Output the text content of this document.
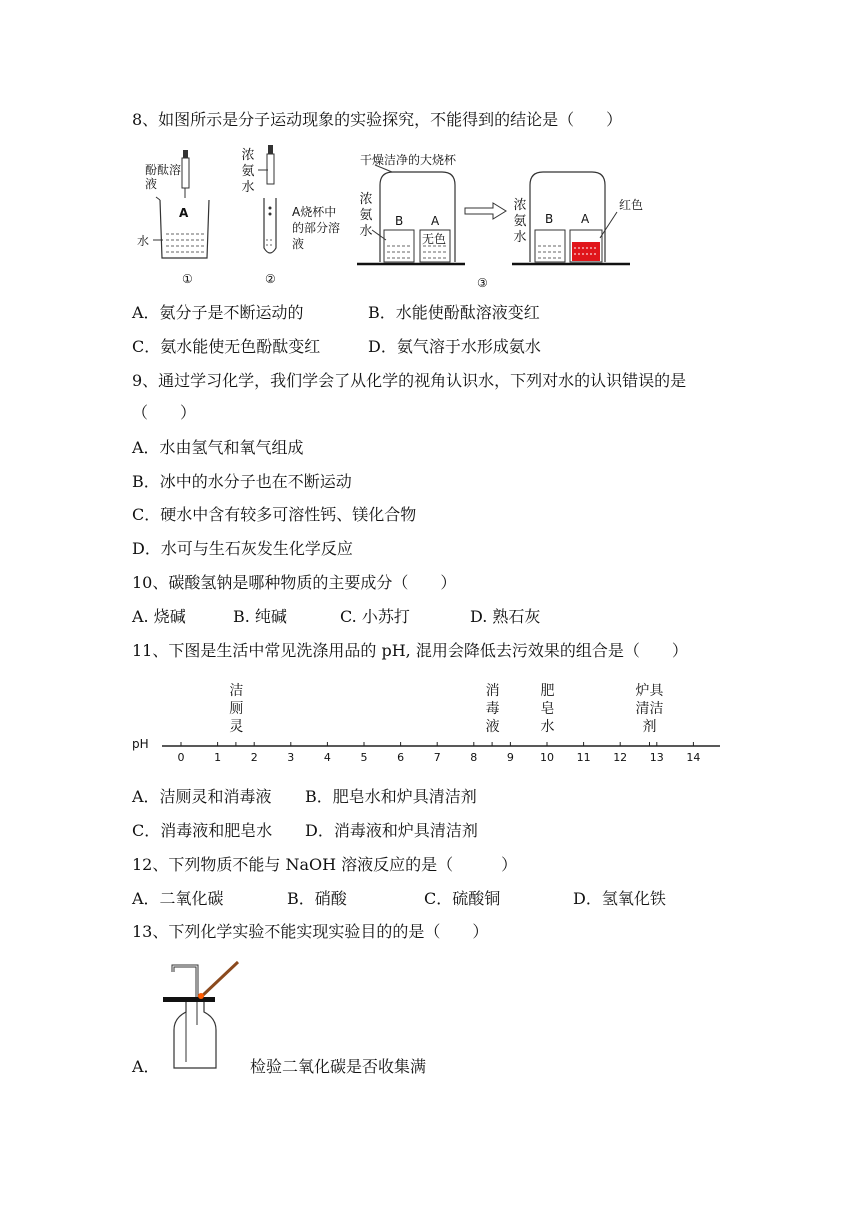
8、如图所示是分子运动现象的实验探究，不能得到的结论是（　　）
酚酞溶液
A
水
浓氨水
A烧杯中的部分溶液
干燥洁净的大烧杯
浓氨水
B A
无色
浓氨水
B A
红色
①	②	③
A．氨分子是不断运动的	B．水能使酚酞溶液变红
C．氨水能使无色酚酞变红	D．氨气溶于水形成氨水
9、通过学习化学，我们学会了从化学的视角认识水，下列对水的认识错误的是
（　　）
A．水由氢气和氧气组成
B．冰中的水分子也在不断运动
C．硬水中含有较多可溶性钙、镁化合物
D．水可与生石灰发生化学反应
10、碳酸氢钠是哪种物质的主要成分（　　）
A. 烧碱	B. 纯碱	C. 小苏打	D. 熟石灰
11、下图是生活中常见洗涤用品的 pH, 混用会降低去污效果的组合是（　　）
pH
0	1	2	3	4	5	6	7	8	9 10 11 12 13 14
洁厕灵
消毒液
肥皂水
炉具清洁剂
A．洁厕灵和消毒液 B．肥皂水和炉具清洁剂
C．消毒液和肥皂水 D．消毒液和炉具清洁剂
12、下列物质不能与 NaOH 溶液反应的是（　　　）
A．二氧化碳	B．硝酸	C．硫酸铜	D．氢氧化铁
13、下列化学实验不能实现实验目的的是（　　）
A．	检验二氧化碳是否收集满
